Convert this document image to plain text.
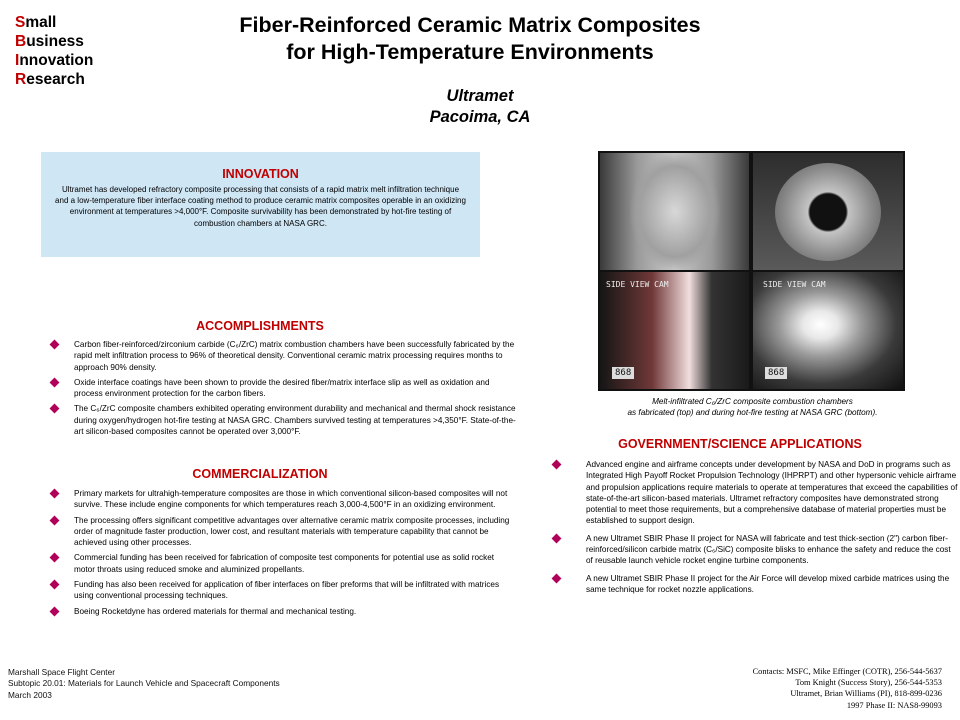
Small
Business
Innovation
Research
Fiber-Reinforced Ceramic Matrix Composites
for High-Temperature Environments
Ultramet
Pacoima, CA
INNOVATION
Ultramet has developed refractory composite processing that consists of a rapid matrix melt infiltration technique and a low-temperature fiber interface coating method to produce ceramic matrix composites operable in an oxidizing environment at temperatures >4,000°F. Composite survivability has been demonstrated by hot-fire testing of combustion chambers at NASA GRC.
ACCOMPLISHMENTS
Carbon fiber-reinforced/zirconium carbide (C₆/ZrC) matrix combustion chambers have been successfully fabricated by the rapid melt infiltration process to 96% of theoretical density. Conventional ceramic matrix processing requires months to approach 90% density.
Oxide interface coatings have been shown to provide the desired fiber/matrix interface slip as well as oxidation and process environment protection for the carbon fibers.
The C₆/ZrC composite chambers exhibited operating environment durability and mechanical and thermal shock resistance during oxygen/hydrogen hot-fire testing at NASA GRC. Chambers survived testing at temperatures >4,350°F. State-of-the-art silicon-based composites cannot be operated over 3,000°F.
COMMERCIALIZATION
Primary markets for ultrahigh-temperature composites are those in which conventional silicon-based composites will not survive. These include engine components for which temperatures reach 3,000-4,500°F in an oxidizing environment.
The processing offers significant competitive advantages over alternative ceramic matrix composite processes, including order of magnitude faster production, lower cost, and resultant materials with temperature capability that cannot be achieved using other processes.
Commercial funding has been received for fabrication of composite test components for potential use as solid rocket motor throats using reduced smoke and aluminized propellants.
Funding has also been received for application of fiber interfaces on fiber preforms that will be infiltrated with matrices using conventional processing techniques.
Boeing Rocketdyne has ordered materials for thermal and mechanical testing.
SIDE VIEW CAM
868
SIDE VIEW CAM
868
Melt-infiltrated C₆/ZrC composite combustion chambers
as fabricated (top) and during hot-fire testing at NASA GRC (bottom).
GOVERNMENT/SCIENCE APPLICATIONS
Advanced engine and airframe concepts under development by NASA and DoD in programs such as Integrated High Payoff Rocket Propulsion Technology (IHPRPT) and other hypersonic vehicle airframe and propulsion applications require materials to operate at temperatures that exceed the capabilities of state-of-the-art silicon-based materials. Ultramet refractory composites have demonstrated strong potential to meet those requirements, but a comprehensive database of material properties must be established to support design.
A new Ultramet SBIR Phase II project for NASA will fabricate and test thick-section (2") carbon fiber-reinforced/silicon carbide matrix (C₆/SiC) composite blisks to enhance the safety and reduce the cost of reusable launch vehicle rocket engine turbine components.
A new Ultramet SBIR Phase II project for the Air Force will develop mixed carbide matrices using the same technique for rocket nozzle applications.
Marshall Space Flight Center
Subtopic 20.01: Materials for Launch Vehicle and Spacecraft Components
March 2003
Contacts: MSFC, Mike Effinger (COTR), 256-544-5637
Tom Knight (Success Story), 256-544-5353
Ultramet, Brian Williams (PI), 818-899-0236
1997 Phase II: NAS8-99093
